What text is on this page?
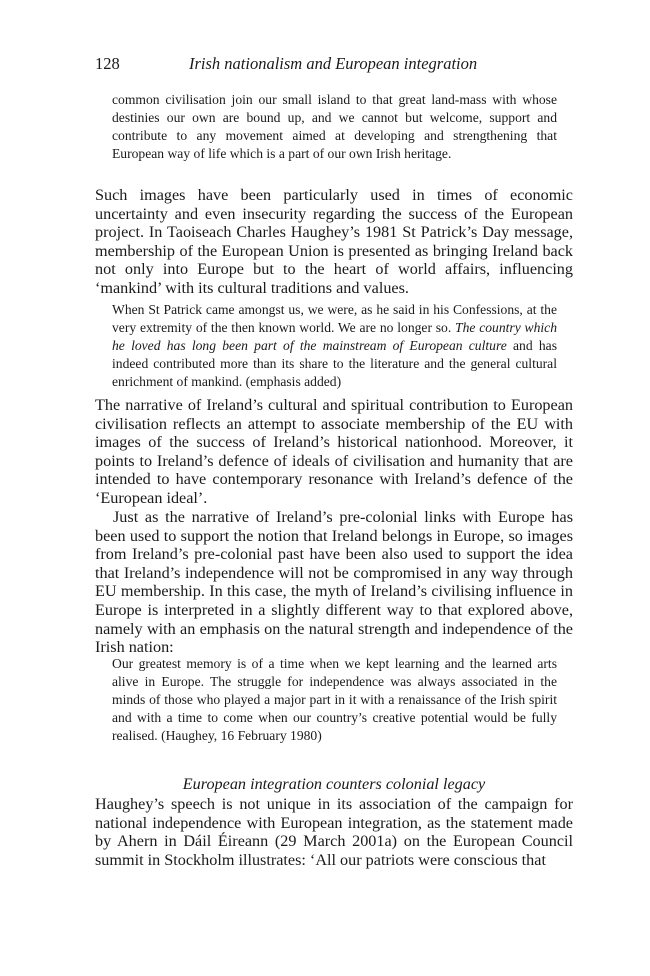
128	Irish nationalism and European integration

common civilisation join our small island to that great land-mass with whose destinies our own are bound up, and we cannot but welcome, support and contribute to any movement aimed at developing and strengthening that European way of life which is a part of our own Irish heritage.

Such images have been particularly used in times of economic uncertainty and even insecurity regarding the success of the European project. In Taoiseach Charles Haughey’s 1981 St Patrick’s Day message, membership of the European Union is presented as bringing Ireland back not only into Europe but to the heart of world affairs, influencing ‘mankind’ with its cultural traditions and values.

When St Patrick came amongst us, we were, as he said in his Confessions, at the very extremity of the then known world. We are no longer so. The country which he loved has long been part of the mainstream of European culture and has indeed contributed more than its share to the literature and the general cultural enrichment of mankind. (emphasis added)

The narrative of Ireland’s cultural and spiritual contribution to European civilisation reflects an attempt to associate membership of the EU with images of the success of Ireland’s historical nationhood. Moreover, it points to Ireland’s defence of ideals of civilisation and humanity that are intended to have contemporary resonance with Ireland’s defence of the ‘European ideal’.

Just as the narrative of Ireland’s pre-colonial links with Europe has been used to support the notion that Ireland belongs in Europe, so images from Ireland’s pre-colonial past have been also used to support the idea that Ireland’s independence will not be compromised in any way through EU membership. In this case, the myth of Ireland’s civilising influence in Europe is interpreted in a slightly different way to that explored above, namely with an emphasis on the natural strength and independence of the Irish nation:

Our greatest memory is of a time when we kept learning and the learned arts alive in Europe. The struggle for independence was always associated in the minds of those who played a major part in it with a renaissance of the Irish spirit and with a time to come when our country’s creative potential would be fully realised. (Haughey, 16 February 1980)

European integration counters colonial legacy

Haughey’s speech is not unique in its association of the campaign for national independence with European integration, as the statement made by Ahern in Dáil Éireann (29 March 2001a) on the European Council summit in Stockholm illustrates: ‘All our patriots were conscious that
